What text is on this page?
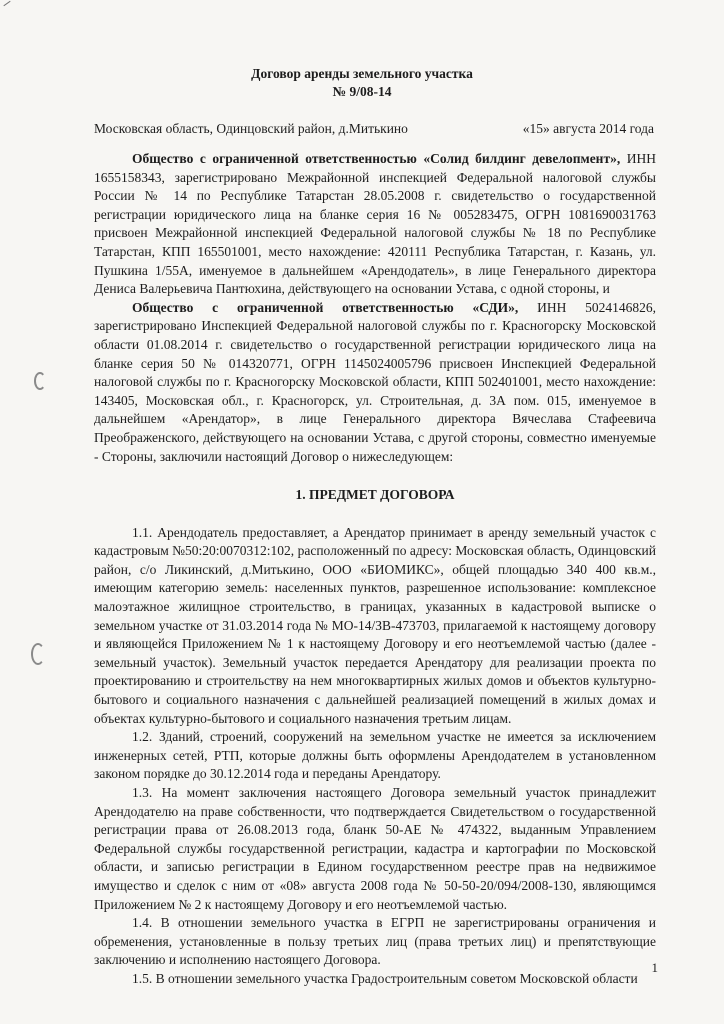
Договор аренды земельного участка
№ 9/08-14
Московская область, Одинцовский район, д.Митькино	«15» августа 2014 года

Общество с ограниченной ответственностью «Солид билдинг девелопмент», ИНН 1655158343, зарегистрировано Межрайонной инспекцией Федеральной налоговой службы России № 14 по Республике Татарстан 28.05.2008 г. свидетельство о государственной регистрации юридического лица на бланке серия 16 № 005283475, ОГРН 1081690031763 присвоен Межрайонной инспекцией Федеральной налоговой службы № 18 по Республике Татарстан, КПП 165501001, место нахождение: 420111 Республика Татарстан, г. Казань, ул. Пушкина 1/55А, именуемое в дальнейшем «Арендодатель», в лице Генерального директора Дениса Валерьевича Пантюхина, действующего на основании Устава, с одной стороны, и

Общество с ограниченной ответственностью «СДИ», ИНН 5024146826, зарегистрировано Инспекцией Федеральной налоговой службы по г. Красногорску Московской области 01.08.2014 г. свидетельство о государственной регистрации юридического лица на бланке серия 50 № 014320771, ОГРН 1145024005796 присвоен Инспекцией Федеральной налоговой службы по г. Красногорску Московской области, КПП 502401001, место нахождение: 143405, Московская обл., г. Красногорск, ул. Строительная, д. 3А пом. 015, именуемое в дальнейшем «Арендатор», в лице Генерального директора Вячеслава Стафеевича Преображенского, действующего на основании Устава, с другой стороны, совместно именуемые - Стороны, заключили настоящий Договор о нижеследующем:

1. ПРЕДМЕТ ДОГОВОРА

1.1. Арендодатель предоставляет, а Арендатор принимает в аренду земельный участок с кадастровым №50:20:0070312:102, расположенный по адресу: Московская область, Одинцовский район, с/о Ликинский, д.Митькино, ООО «БИОМИКС», общей площадью 340 400 кв.м., имеющим категорию земель: населенных пунктов, разрешенное использование: комплексное малоэтажное жилищное строительство, в границах, указанных в кадастровой выписке о земельном участке от 31.03.2014 года № МО-14/ЗВ-473703, прилагаемой к настоящему договору и являющейся Приложением № 1 к настоящему Договору и его неотъемлемой частью (далее - земельный участок). Земельный участок передается Арендатору для реализации проекта по проектированию и строительству на нем многоквартирных жилых домов и объектов культурно-бытового и социального назначения с дальнейшей реализацией помещений в жилых домах и объектах культурно-бытового и социального назначения третьим лицам.

1.2. Зданий, строений, сооружений на земельном участке не имеется за исключением инженерных сетей, РТП, которые должны быть оформлены Арендодателем в установленном законом порядке до 30.12.2014 года и переданы Арендатору.

1.3. На момент заключения настоящего Договора земельный участок принадлежит Арендодателю на праве собственности, что подтверждается Свидетельством о государственной регистрации права от 26.08.2013 года, бланк 50-АЕ № 474322, выданным Управлением Федеральной службы государственной регистрации, кадастра и картографии по Московской области, и записью регистрации в Едином государственном реестре прав на недвижимое имущество и сделок с ним от «08» августа 2008 года № 50-50-20/094/2008-130, являющимся Приложением № 2 к настоящему Договору и его неотъемлемой частью.

1.4. В отношении земельного участка в ЕГРП не зарегистрированы ограничения и обременения, установленные в пользу третьих лиц (права третьих лиц) и препятствующие заключению и исполнению настоящего Договора.

1.5. В отношении земельного участка Градостроительным советом Московской области

1
